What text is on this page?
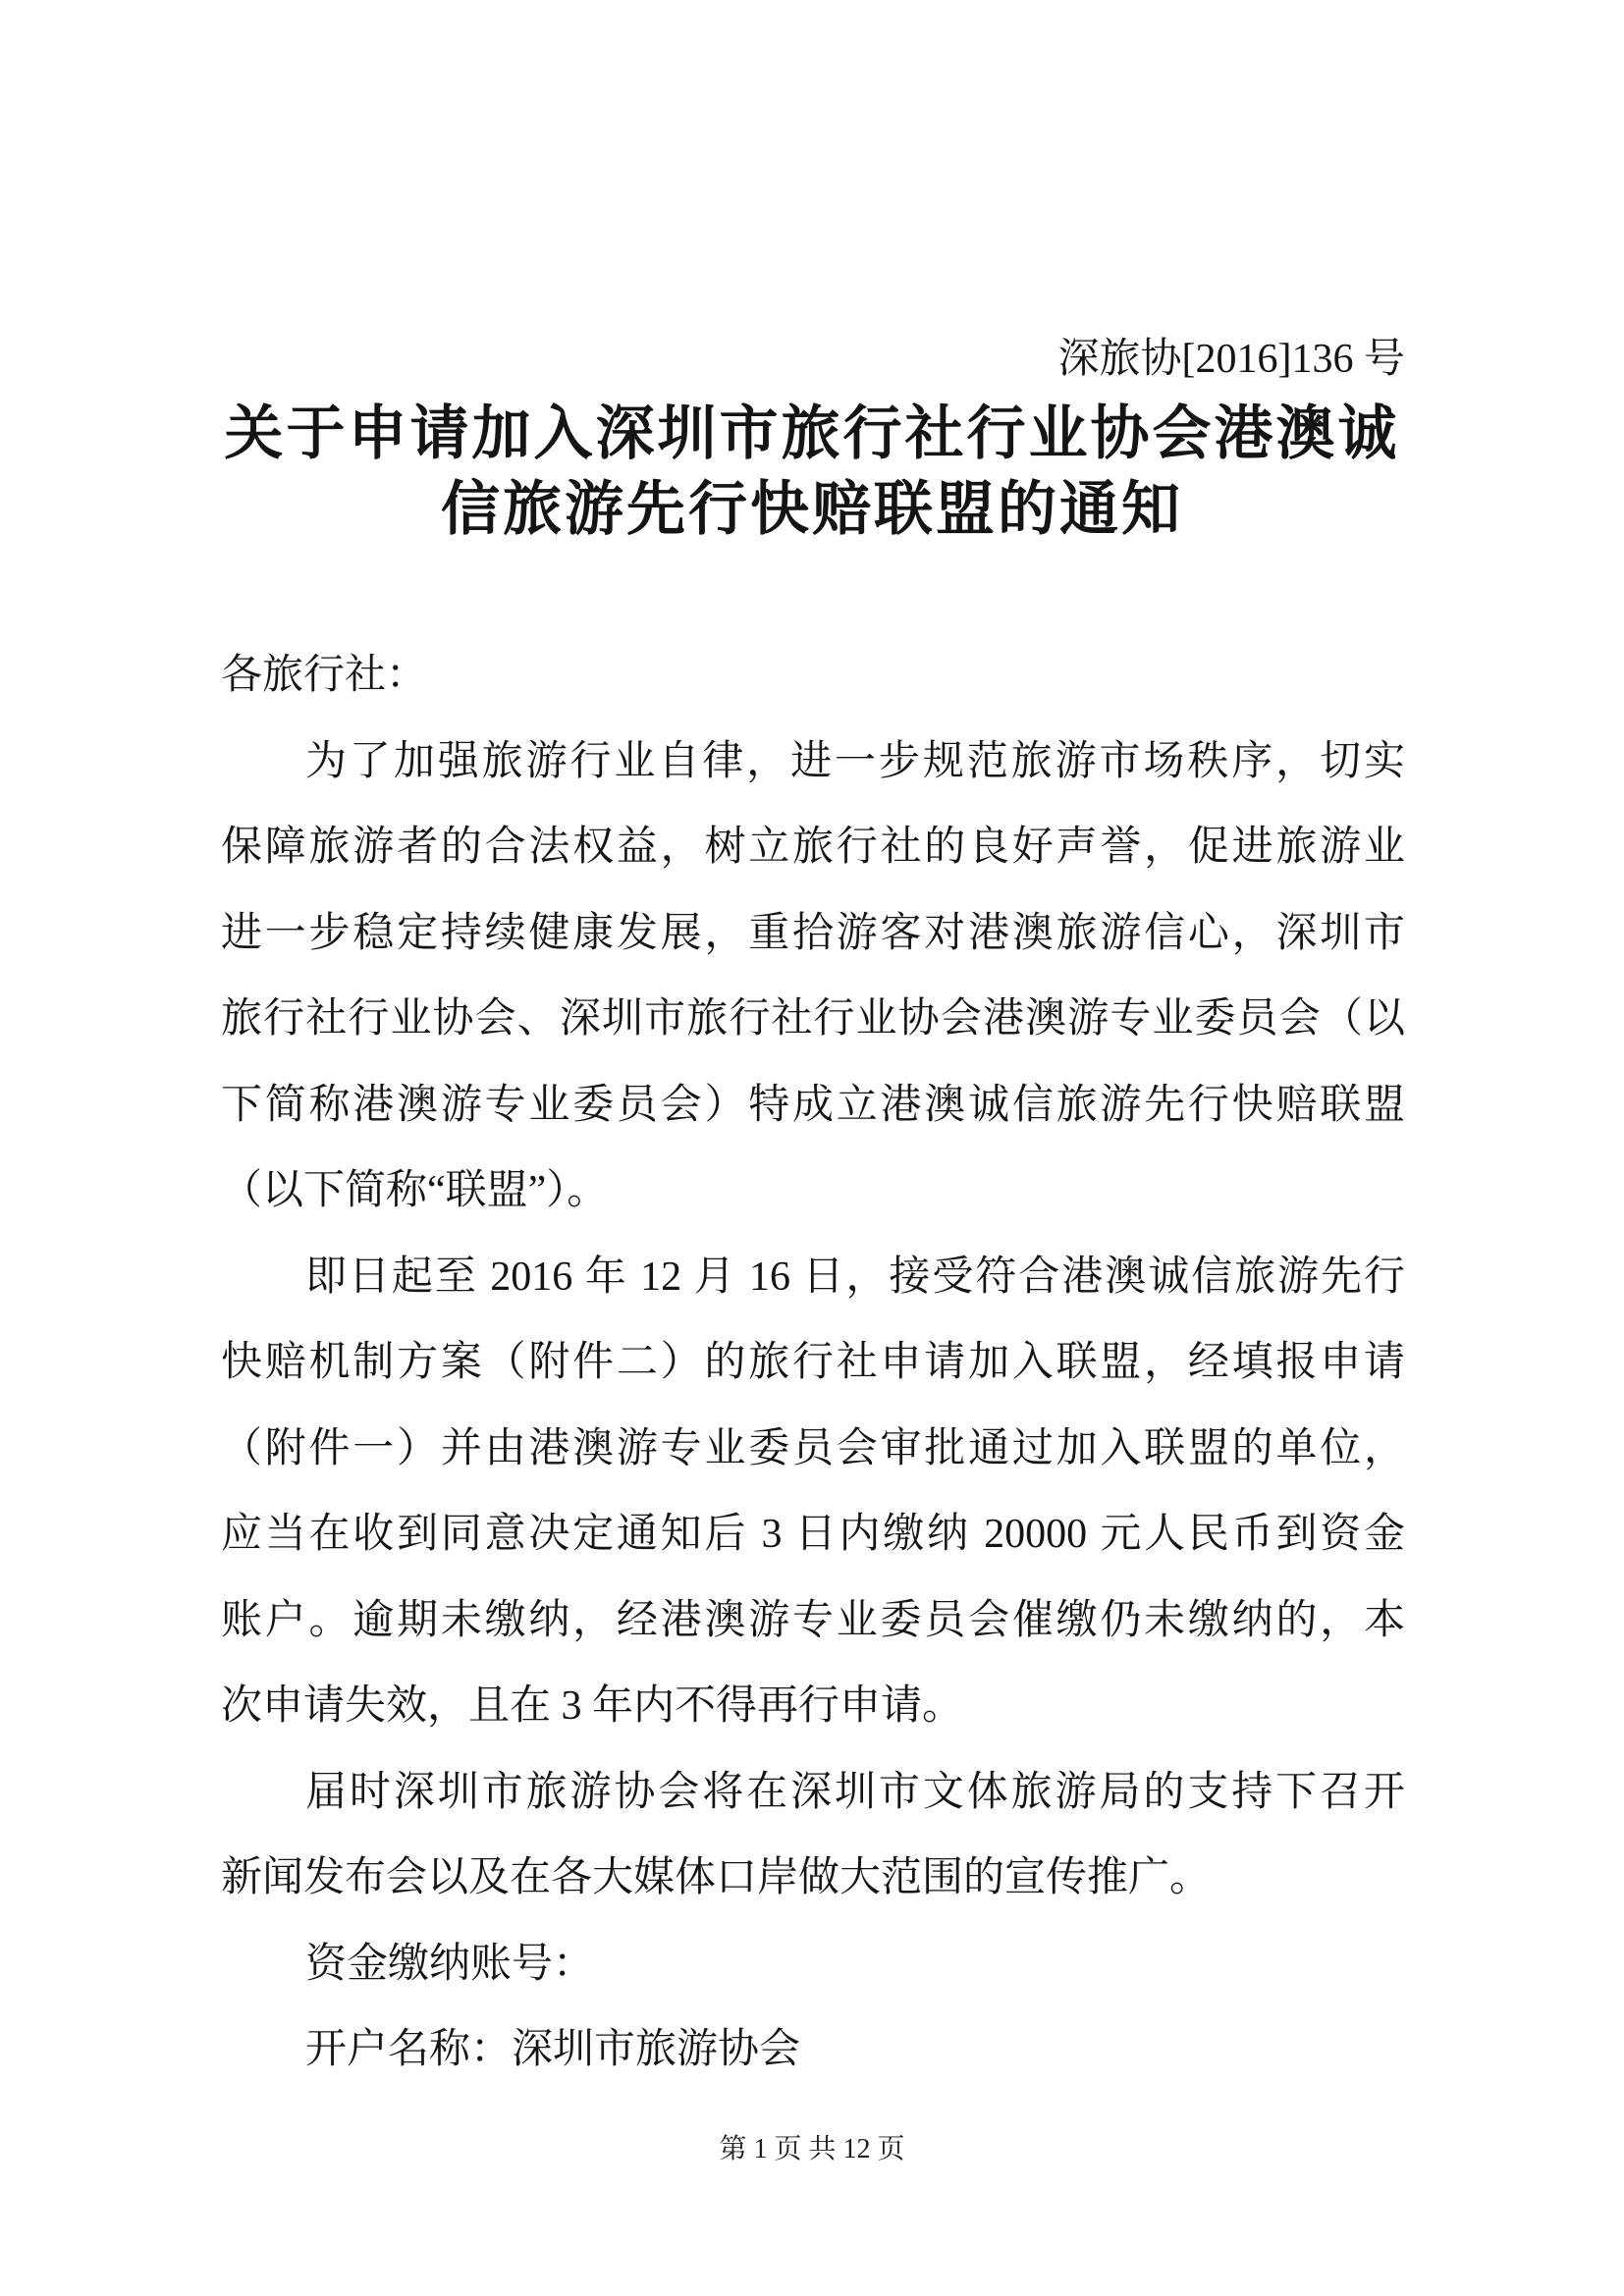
深旅协[2016]136 号
关于申请加入深圳市旅行社行业协会港澳诚
信旅游先行快赔联盟的通知
各旅行社：
为了加强旅游行业自律，进一步规范旅游市场秩序，切实
保障旅游者的合法权益，树立旅行社的良好声誉，促进旅游业
进一步稳定持续健康发展，重拾游客对港澳旅游信心，深圳市
旅行社行业协会、深圳市旅行社行业协会港澳游专业委员会（以
下简称港澳游专业委员会）特成立港澳诚信旅游先行快赔联盟
（以下简称“联盟”）。
即日起至 2016 年 12 月 16 日，接受符合港澳诚信旅游先行
快赔机制方案（附件二）的旅行社申请加入联盟，经填报申请
（附件一）并由港澳游专业委员会审批通过加入联盟的单位，
应当在收到同意决定通知后 3 日内缴纳 20000 元人民币到资金
账户。逾期未缴纳，经港澳游专业委员会催缴仍未缴纳的，本
次申请失效，且在 3 年内不得再行申请。
届时深圳市旅游协会将在深圳市文体旅游局的支持下召开
新闻发布会以及在各大媒体口岸做大范围的宣传推广。
资金缴纳账号：
开户名称：深圳市旅游协会
第 1 页 共 12 页
